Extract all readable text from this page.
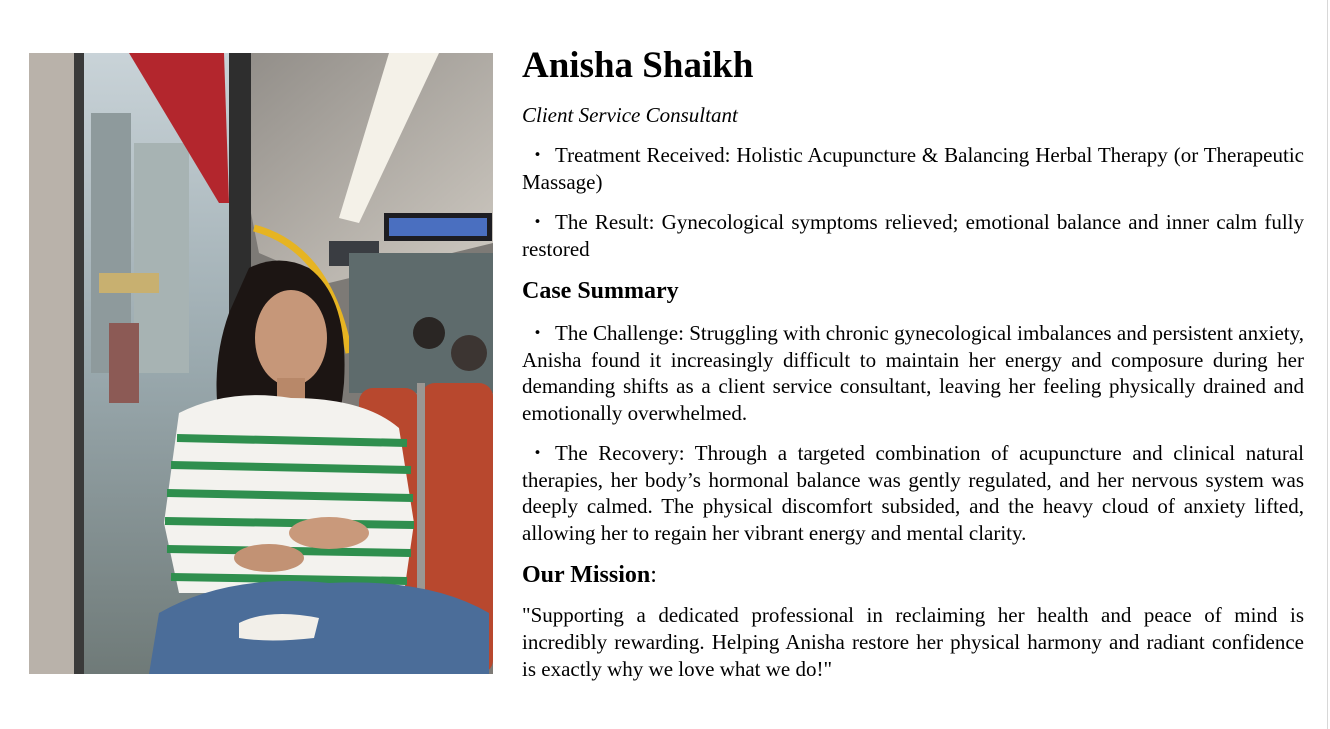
Anisha Shaikh

Client Service Consultant

・ Treatment Received: Holistic Acupuncture & Balancing Herbal Therapy (or Therapeutic Massage)

・ The Result: Gynecological symptoms relieved; emotional balance and inner calm fully restored

Case Summary

・ The Challenge: Struggling with chronic gynecological imbalances and persistent anxiety, Anisha found it increasingly difficult to maintain her energy and composure during her demanding shifts as a client service consultant, leaving her feeling physically drained and emotionally overwhelmed.

・ The Recovery: Through a targeted combination of acupuncture and clinical natural therapies, her body’s hormonal balance was gently regulated, and her nervous system was deeply calmed. The physical discomfort subsided, and the heavy cloud of anxiety lifted, allowing her to regain her vibrant energy and mental clarity.

Our Mission:

"Supporting a dedicated professional in reclaiming her health and peace of mind is incredibly rewarding. Helping Anisha restore her physical harmony and radiant confidence is exactly why we love what we do!"
